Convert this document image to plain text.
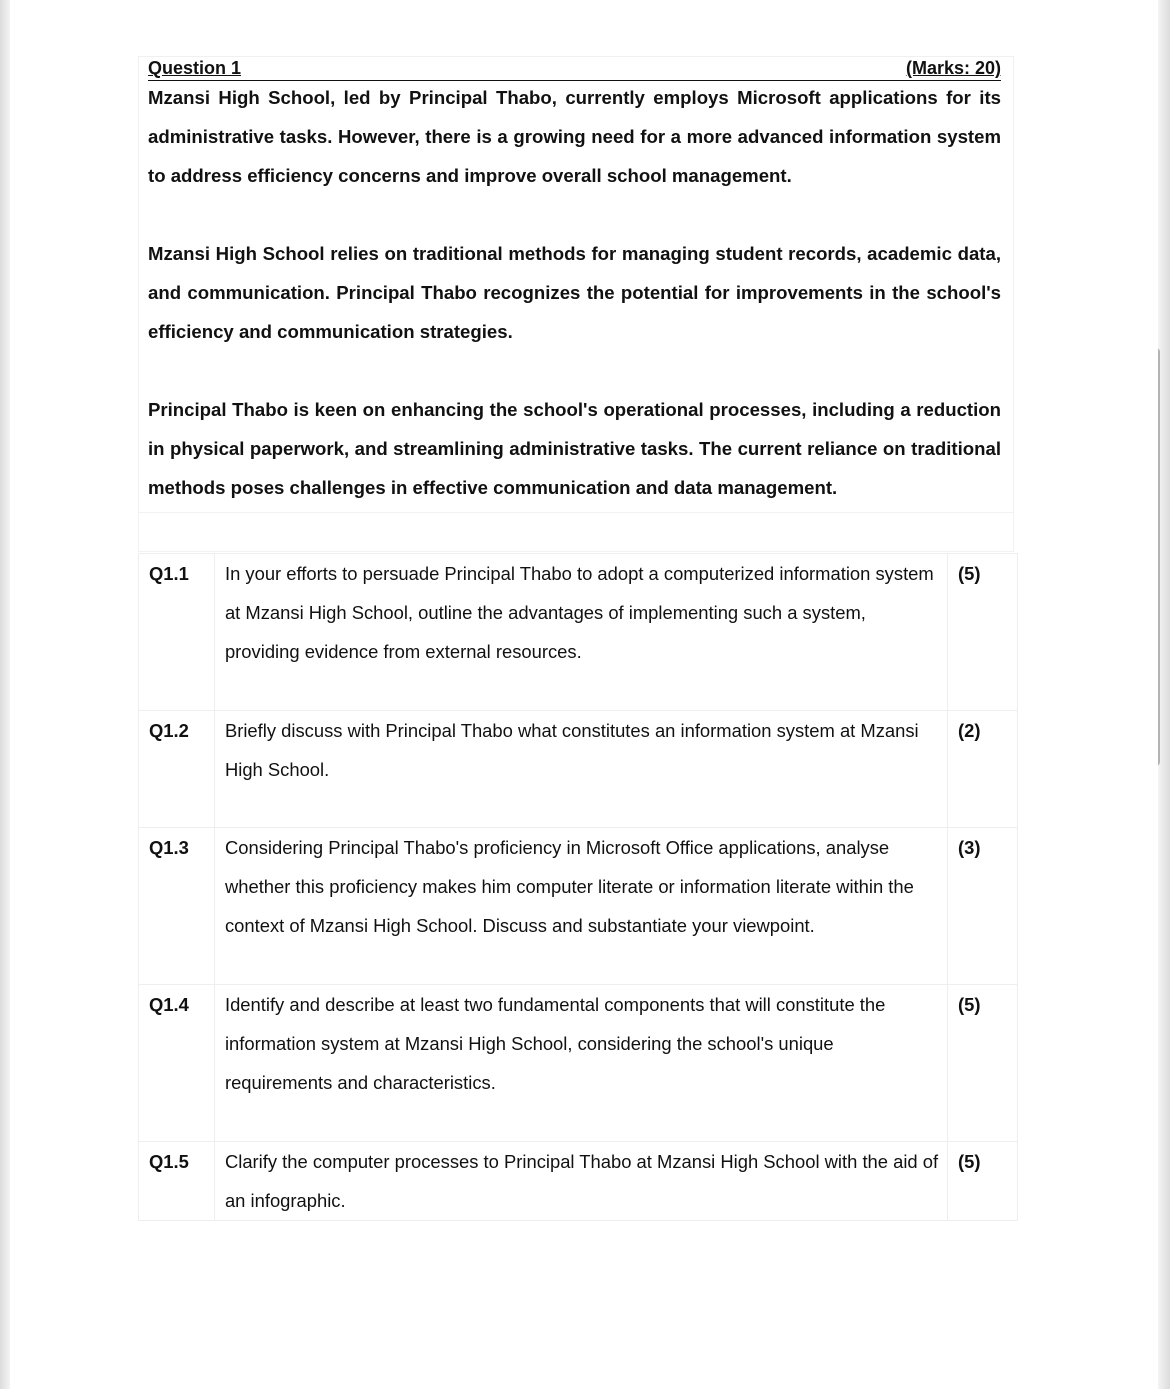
Question 1	(Marks: 20)

Mzansi High School, led by Principal Thabo, currently employs Microsoft applications for its administrative tasks. However, there is a growing need for a more advanced information system to address efficiency concerns and improve overall school management.

Mzansi High School relies on traditional methods for managing student records, academic data, and communication. Principal Thabo recognizes the potential for improvements in the school's efficiency and communication strategies.

Principal Thabo is keen on enhancing the school's operational processes, including a reduction in physical paperwork, and streamlining administrative tasks. The current reliance on traditional methods poses challenges in effective communication and data management.

Q1.1	In your efforts to persuade Principal Thabo to adopt a computerized information system at Mzansi High School, outline the advantages of implementing such a system, providing evidence from external resources.	(5)
Q1.2	Briefly discuss with Principal Thabo what constitutes an information system at Mzansi High School.	(2)
Q1.3	Considering Principal Thabo's proficiency in Microsoft Office applications, analyse whether this proficiency makes him computer literate or information literate within the context of Mzansi High School. Discuss and substantiate your viewpoint.	(3)
Q1.4	Identify and describe at least two fundamental components that will constitute the information system at Mzansi High School, considering the school's unique requirements and characteristics.	(5)
Q1.5	Clarify the computer processes to Principal Thabo at Mzansi High School with the aid of an infographic.	(5)
